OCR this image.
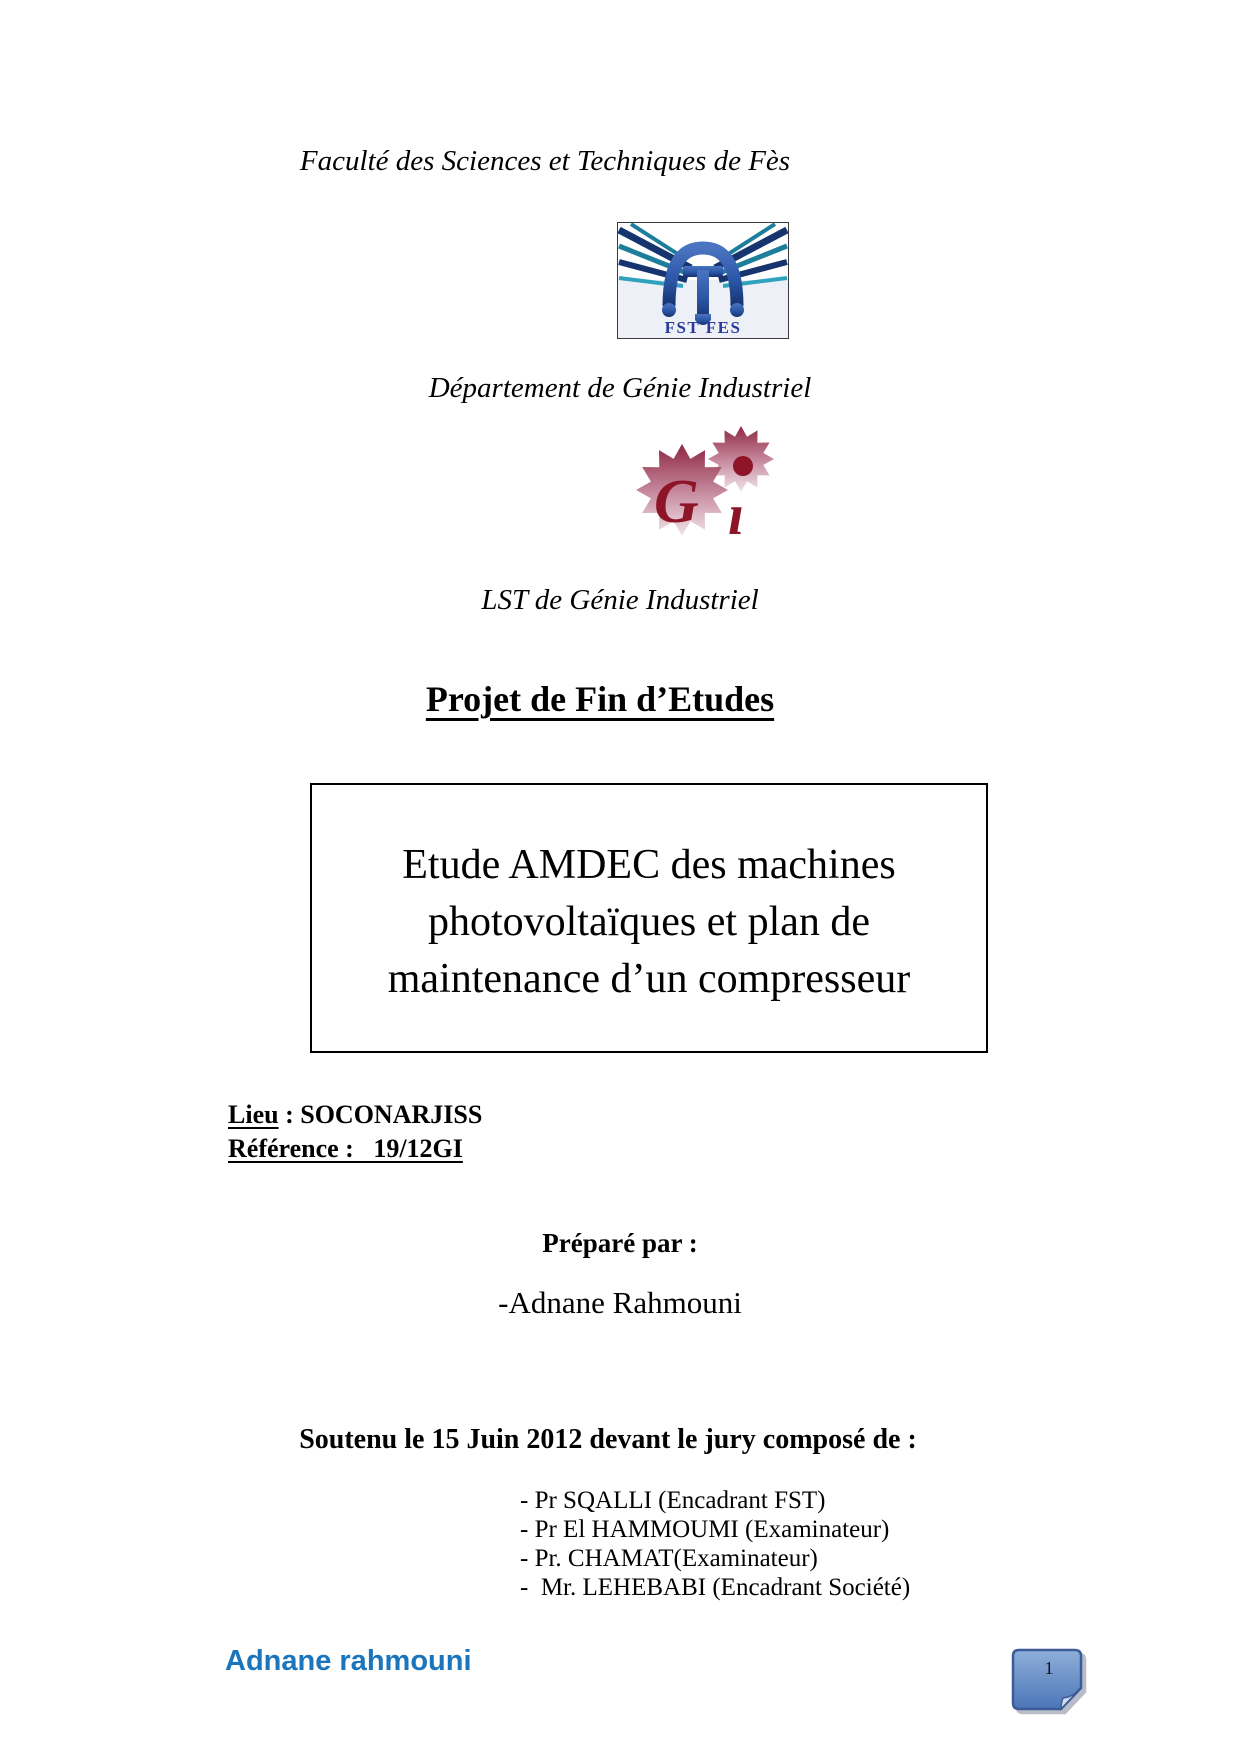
Faculté des Sciences et Techniques de Fès
FST FES
Département de Génie Industriel
G ı
LST de Génie Industriel
Projet de Fin d’Etudes
Etude AMDEC des machines
photovoltaïques et plan de
maintenance d’un compresseur
Lieu : SOCONARJISS
Référence :   19/12GI
Préparé par :
-Adnane Rahmouni
Soutenu le 15 Juin 2012 devant le jury composé de :
- Pr SQALLI (Encadrant FST)
- Pr El HAMMOUMI (Examinateur)
- Pr. CHAMAT(Examinateur)
-  Mr. LEHEBABI (Encadrant Société)
Adnane rahmouni	1
